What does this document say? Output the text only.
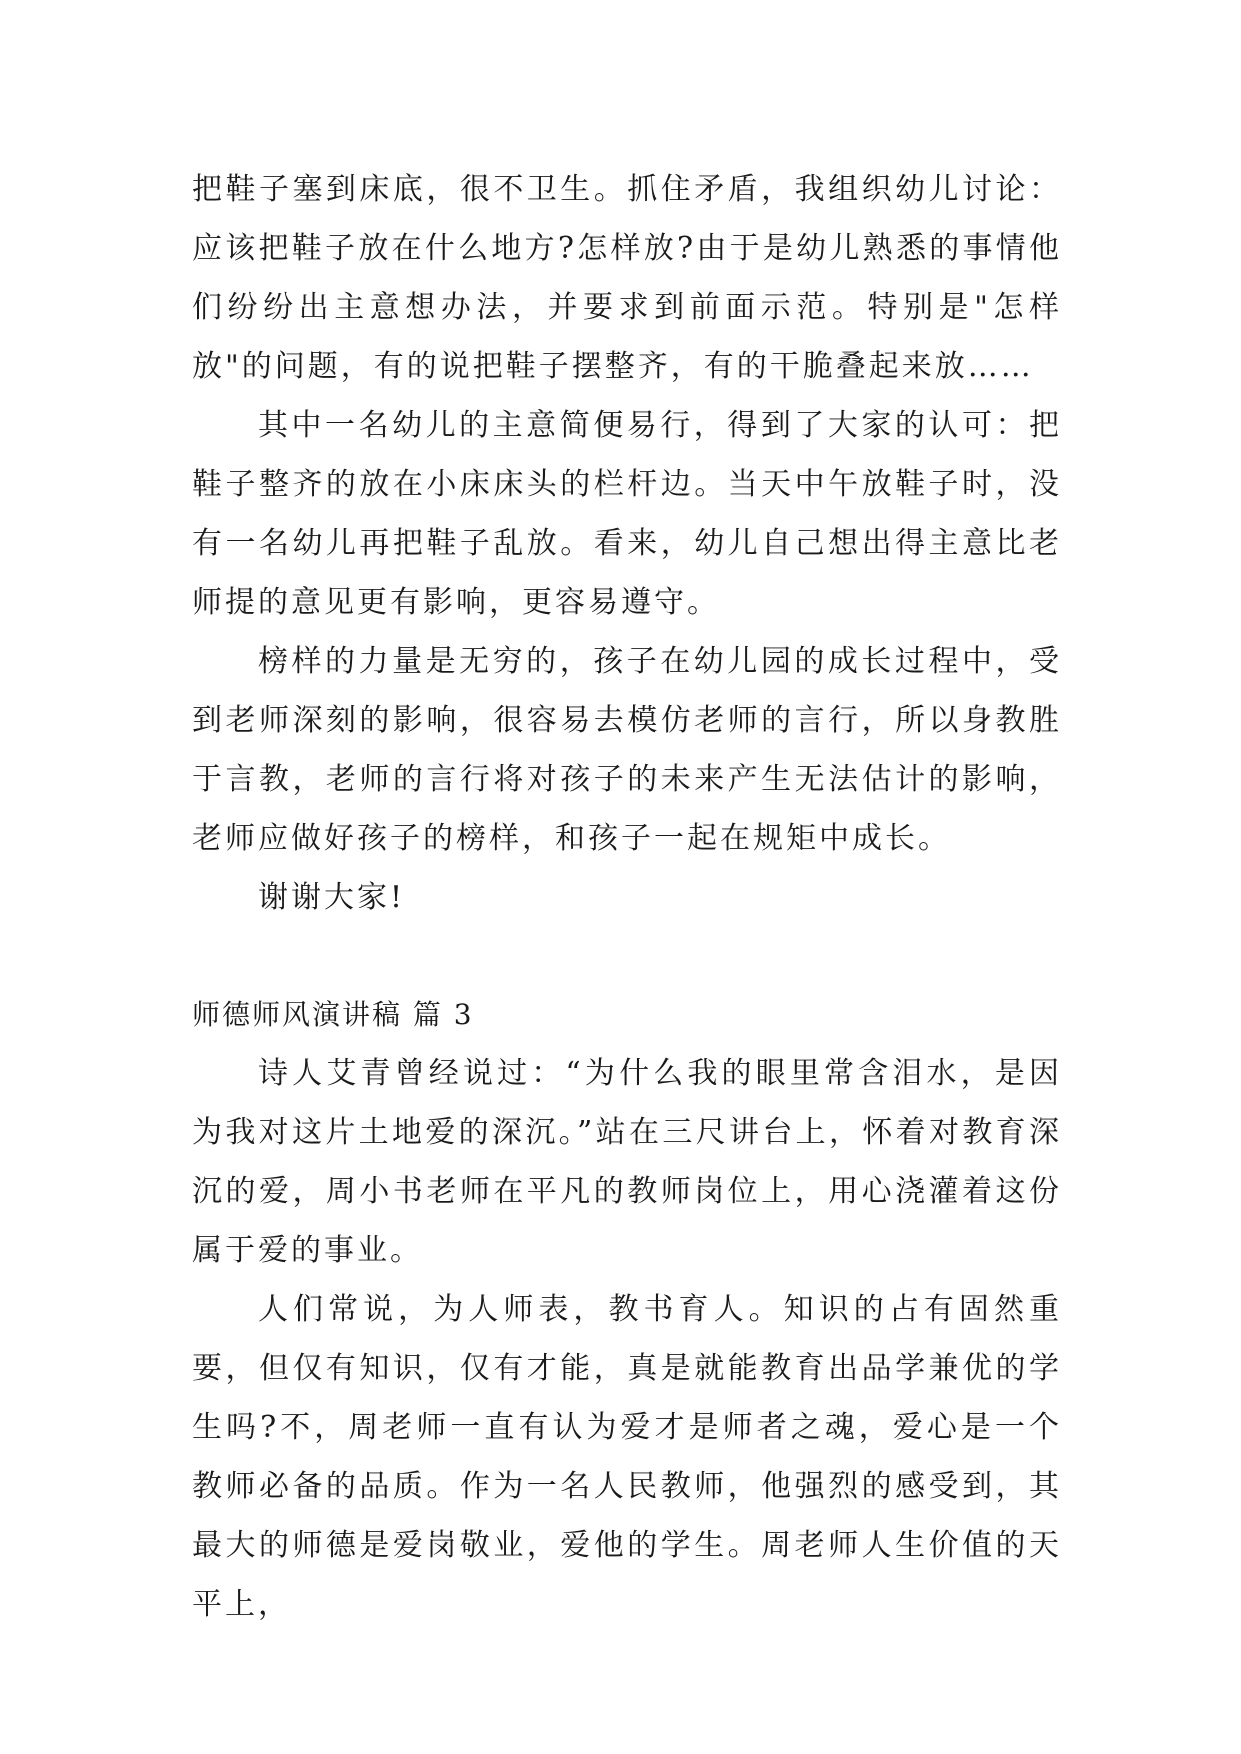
把鞋子塞到床底，很不卫生。抓住矛盾，我组织幼儿讨论：应该把鞋子放在什么地方?怎样放?由于是幼儿熟悉的事情他们纷纷出主意想办法，并要求到前面示范。特别是"怎样放"的问题，有的说把鞋子摆整齐，有的干脆叠起来放……

其中一名幼儿的主意简便易行，得到了大家的认可：把鞋子整齐的放在小床床头的栏杆边。当天中午放鞋子时，没有一名幼儿再把鞋子乱放。看来，幼儿自己想出得主意比老师提的意见更有影响，更容易遵守。

榜样的力量是无穷的，孩子在幼儿园的成长过程中，受到老师深刻的影响，很容易去模仿老师的言行，所以身教胜于言教，老师的言行将对孩子的未来产生无法估计的影响，老师应做好孩子的榜样，和孩子一起在规矩中成长。

谢谢大家!

师德师风演讲稿 篇 3

诗人艾青曾经说过：“为什么我的眼里常含泪水，是因为我对这片土地爱的深沉。”站在三尺讲台上，怀着对教育深沉的爱，周小书老师在平凡的教师岗位上，用心浇灌着这份属于爱的事业。

人们常说，为人师表，教书育人。知识的占有固然重要，但仅有知识，仅有才能，真是就能教育出品学兼优的学生吗?不，周老师一直有认为爱才是师者之魂，爱心是一个教师必备的品质。作为一名人民教师，他强烈的感受到，其最大的师德是爱岗敬业，爱他的学生。周老师人生价值的天平上，
